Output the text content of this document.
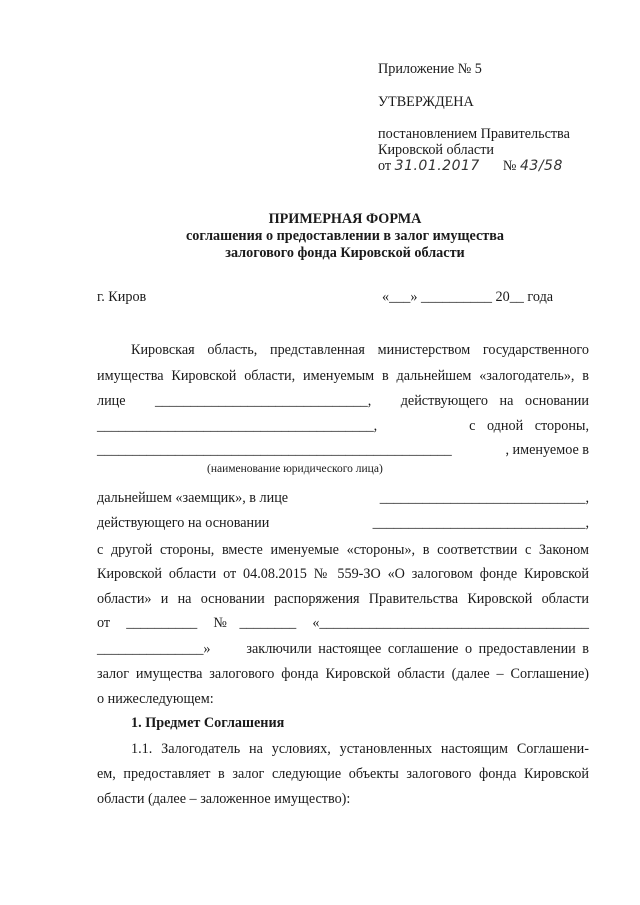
Приложение № 5
УТВЕРЖДЕНА
постановлением Правительства
Кировской области
от 31.01.2017 № 43/58
ПРИМЕРНАЯ ФОРМА
соглашения о предоставлении в залог имущества
залогового фонда Кировской области
г. Киров	«___» __________ 20__ года
Кировская область, представленная министерством государственного
имущества Кировской области, именуемым в дальнейшем «залогодатель», в
лице ______________________________, действующего на основании
_______________________________________,	с одной стороны,
__________________________________________________	, именуемое в
(наименование юридического лица)
дальнейшем «заемщик», в лице	_____________________________,
действующего на основании	______________________________,
с другой стороны, вместе именуемые «стороны», в соответствии с Законом
Кировской области от 04.08.2015 № 559-ЗО «О залоговом фонде Кировской
области» и на основании распоряжения Правительства Кировской области
от __________ №________ «______________________________________
_______________»	заключили настоящее соглашение о предоставлении в
залог имущества залогового фонда Кировской области (далее – Соглашение)
о нижеследующем:
1. Предмет Соглашения
1.1. Залогодатель на условиях, установленных настоящим Соглашени-
ем, предоставляет в залог следующие объекты залогового фонда Кировской
области (далее – заложенное имущество):
